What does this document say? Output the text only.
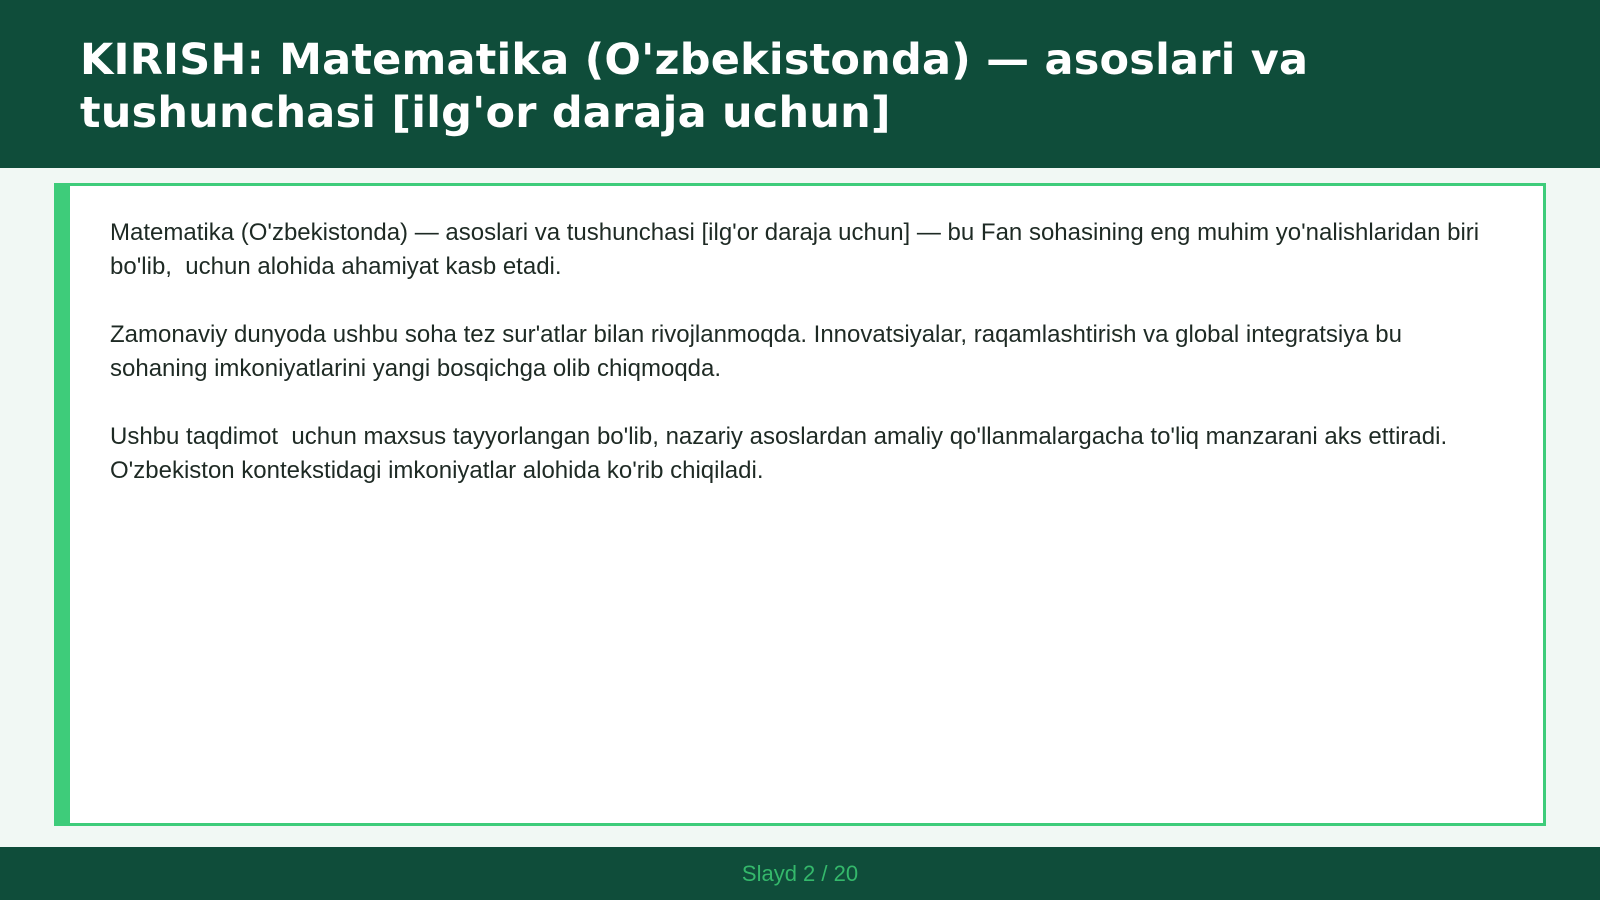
KIRISH: Matematika (O'zbekistonda) — asoslari va tushunchasi [ilg'or daraja uchun]

Matematika (O'zbekistonda) — asoslari va tushunchasi [ilg'or daraja uchun] — bu Fan sohasining eng muhim yo'nalishlaridan biri bo'lib,  uchun alohida ahamiyat kasb etadi.

Zamonaviy dunyoda ushbu soha tez sur'atlar bilan rivojlanmoqda. Innovatsiyalar, raqamlashtirish va global integratsiya bu sohaning imkoniyatlarini yangi bosqichga olib chiqmoqda.

Ushbu taqdimot  uchun maxsus tayyorlangan bo'lib, nazariy asoslardan amaliy qo'llanmalargacha to'liq manzarani aks ettiradi. O'zbekiston kontekstidagi imkoniyatlar alohida ko'rib chiqiladi.

Slayd 2 / 20
